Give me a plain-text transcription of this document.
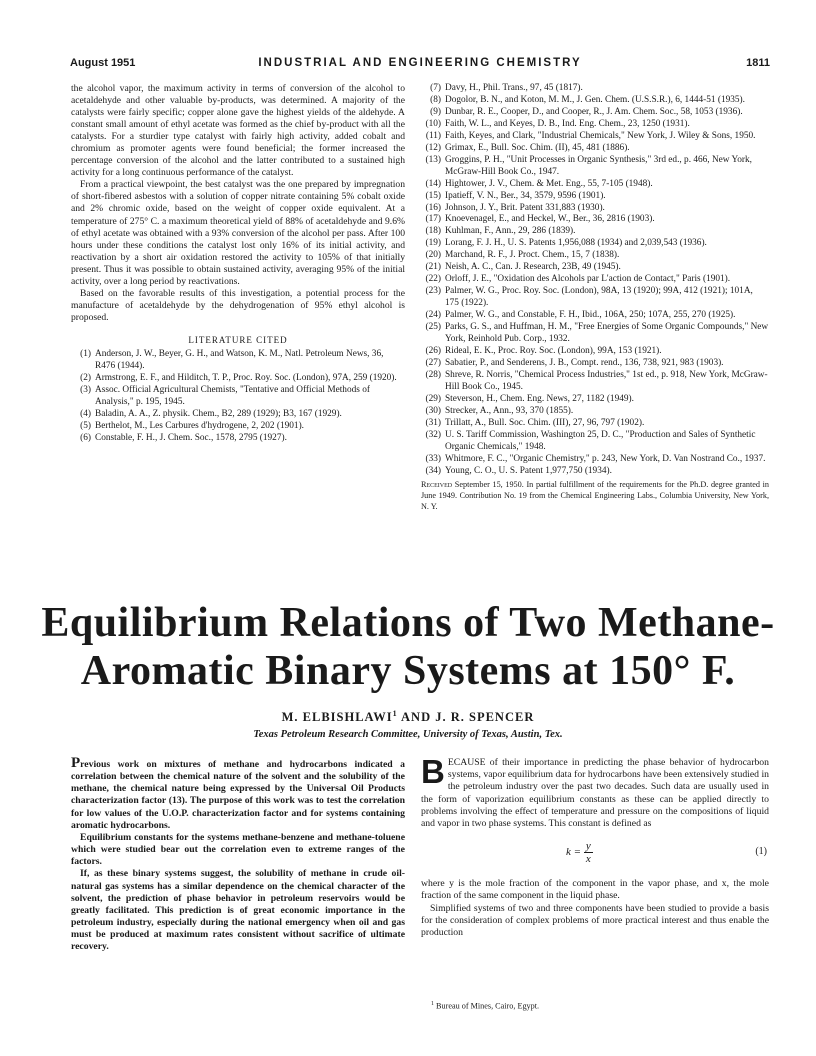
August 1951	INDUSTRIAL AND ENGINEERING CHEMISTRY	1811

the alcohol vapor, the maximum activity in terms of conversion of the alcohol to acetaldehyde and other valuable by-products, was determined. A majority of the catalysts were fairly specific; copper alone gave the highest yields of the aldehyde. A constant small amount of ethyl acetate was formed as the chief by-product with all the catalysts. For a sturdier type catalyst with fairly high activity, added cobalt and chromium as promoter agents were found beneficial; the former increased the percentage conversion of the alcohol and the latter contributed to a sustained high activity for a long continuous performance of the catalyst.

From a practical viewpoint, the best catalyst was the one prepared by impregnation of short-fibered asbestos with a solution of copper nitrate containing 5% cobalt oxide and 2% chromic oxide, based on the weight of copper oxide equivalent. At a temperature of 275° C. a maximum theoretical yield of 88% of acetaldehyde and 9.6% of ethyl acetate was obtained with a 93% conversion of the alcohol per pass. After 100 hours under these conditions the catalyst lost only 16% of its initial activity, and reactivation by a short air oxidation restored the activity to 105% of that initially present. Thus it was possible to obtain sustained activity, averaging 95% of the initial activity, over a long period by reactivations.

Based on the favorable results of this investigation, a potential process for the manufacture of acetaldehyde by the dehydrogenation of 95% ethyl alcohol is proposed.

LITERATURE CITED
(1) Anderson, J. W., Beyer, G. H., and Watson, K. M., Natl. Petroleum News, 36, R476 (1944).
(2) Armstrong, E. F., and Hilditch, T. P., Proc. Roy. Soc. (London), 97A, 259 (1920).
(3) Assoc. Official Agricultural Chemists, "Tentative and Official Methods of Analysis," p. 195, 1945.
(4) Baladin, A. A., Z. physik. Chem., B2, 289 (1929); B3, 167 (1929).
(5) Berthelot, M., Les Carbures d'hydrogene, 2, 202 (1901).
(6) Constable, F. H., J. Chem. Soc., 1578, 2795 (1927).
(7) Davy, H., Phil. Trans., 97, 45 (1817).
(8) Dogolor, B. N., and Koton, M. M., J. Gen. Chem. (U.S.S.R.), 6, 1444-51 (1935).
(9) Dunbar, R. E., Cooper, D., and Cooper, R., J. Am. Chem. Soc., 58, 1053 (1936).
(10) Faith, W. L., and Keyes, D. B., Ind. Eng. Chem., 23, 1250 (1931).
(11) Faith, Keyes, and Clark, "Industrial Chemicals," New York, J. Wiley & Sons, 1950.
(12) Grimax, E., Bull. Soc. Chim. (II), 45, 481 (1886).
(13) Groggins, P. H., "Unit Processes in Organic Synthesis," 3rd ed., p. 466, New York, McGraw-Hill Book Co., 1947.
(14) Hightower, J. V., Chem. & Met. Eng., 55, 7-105 (1948).
(15) Ipatieff, V. N., Ber., 34, 3579, 9596 (1901).
(16) Johnson, J. Y., Brit. Patent 331,883 (1930).
(17) Knoevenagel, E., and Heckel, W., Ber., 36, 2816 (1903).
(18) Kuhlman, F., Ann., 29, 286 (1839).
(19) Lorang, F. J. H., U. S. Patents 1,956,088 (1934) and 2,039,543 (1936).
(20) Marchand, R. F., J. Proct. Chem., 15, 7 (1838).
(21) Neish, A. C., Can. J. Research, 23B, 49 (1945).
(22) Orloff, J. E., "Oxidation des Alcohols par L'action de Contact," Paris (1901).
(23) Palmer, W. G., Proc. Roy. Soc. (London), 98A, 13 (1920); 99A, 412 (1921); 101A, 175 (1922).
(24) Palmer, W. G., and Constable, F. H., Ibid., 106A, 250; 107A, 255, 270 (1925).
(25) Parks, G. S., and Huffman, H. M., "Free Energies of Some Organic Compounds," New York, Reinhold Pub. Corp., 1932.
(26) Rideal, E. K., Proc. Roy. Soc. (London), 99A, 153 (1921).
(27) Sabatier, P., and Senderens, J. B., Compt. rend., 136, 738, 921, 983 (1903).
(28) Shreve, R. Norris, "Chemical Process Industries," 1st ed., p. 918, New York, McGraw-Hill Book Co., 1945.
(29) Steverson, H., Chem. Eng. News, 27, 1182 (1949).
(30) Strecker, A., Ann., 93, 370 (1855).
(31) Trillatt, A., Bull. Soc. Chim. (III), 27, 96, 797 (1902).
(32) U. S. Tariff Commission, Washington 25, D. C., "Production and Sales of Synthetic Organic Chemicals," 1948.
(33) Whitmore, F. C., "Organic Chemistry," p. 243, New York, D. Van Nostrand Co., 1937.
(34) Young, C. O., U. S. Patent 1,977,750 (1934).
Received September 15, 1950. In partial fulfillment of the requirements for the Ph.D. degree granted in June 1949. Contribution No. 19 from the Chemical Engineering Labs., Columbia University, New York, N. Y.
Equilibrium Relations of Two Methane-
Aromatic Binary Systems at 150° F.
M. ELBISHLAWI$^1$ AND J. R. SPENCER
Texas Petroleum Research Committee, University of Texas, Austin, Tex.

Previous work on mixtures of methane and hydrocarbons indicated a correlation between the chemical nature of the solvent and the solubility of the methane, the chemical nature being expressed by the Universal Oil Products characterization factor (13). The purpose of this work was to test the correlation for low values of the U.O.P. characterization factor and for systems containing aromatic hydrocarbons.

Equilibrium constants for the systems methane-benzene and methane-toluene which were studied bear out the correlation even to extreme ranges of the factors.

If, as these binary systems suggest, the solubility of methane in crude oil-natural gas systems has a similar dependence on the chemical character of the solvent, the prediction of phase behavior in petroleum reservoirs would be greatly facilitated. This prediction is of great economic importance in the petroleum industry, especially during the national emergency when oil and gas must be produced at maximum rates consistent without sacrifice of ultimate recovery.

BECAUSE of their importance in predicting the phase behavior of hydrocarbon systems, vapor equilibrium data for hydrocarbons have been extensively studied in the petroleum industry over the past two decades. Such data are usually used in the form of vaporization equilibrium constants as these can be applied directly to problems involving the effect of temperature and pressure on the compositions of liquid and vapor in two phase systems. This constant is defined as

$k = \frac{y}{x}$	(1)

where y is the mole fraction of the component in the vapor phase, and x, the mole fraction of the same component in the liquid phase.

Simplified systems of two and three components have been studied to provide a basis for the consideration of complex problems of more practical interest and thus enable the production

$^1$ Bureau of Mines, Cairo, Egypt.
